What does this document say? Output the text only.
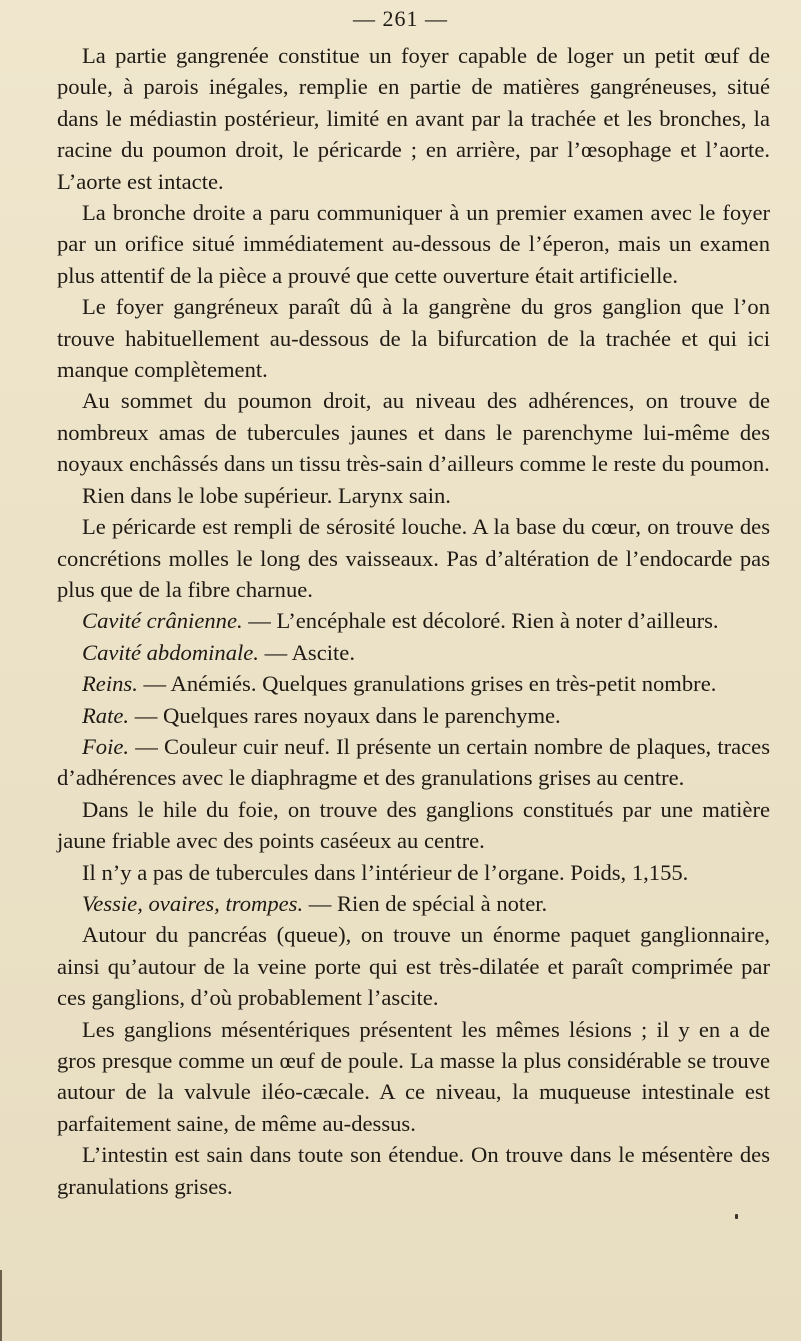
— 261 —

La partie gangrenée constitue un foyer capable de loger un petit œuf de poule, à parois inégales, remplie en partie de matières gangréneuses, situé dans le médiastin postérieur, limité en avant par la trachée et les bronches, la racine du poumon droit, le péricarde ; en arrière, par l’œsophage et l’aorte. L’aorte est intacte.

La bronche droite a paru communiquer à un premier examen avec le foyer par un orifice situé immédiatement au-dessous de l’éperon, mais un examen plus attentif de la pièce a prouvé que cette ouverture était artificielle.

Le foyer gangréneux paraît dû à la gangrène du gros ganglion que l’on trouve habituellement au-dessous de la bifurcation de la trachée et qui ici manque complètement.

Au sommet du poumon droit, au niveau des adhérences, on trouve de nombreux amas de tubercules jaunes et dans le parenchyme lui-même des noyaux enchâssés dans un tissu très-sain d’ailleurs comme le reste du poumon.

Rien dans le lobe supérieur. Larynx sain.

Le péricarde est rempli de sérosité louche. A la base du cœur, on trouve des concrétions molles le long des vaisseaux. Pas d’altération de l’endocarde pas plus que de la fibre charnue.

Cavité crânienne. — L’encéphale est décoloré. Rien à noter d’ailleurs.

Cavité abdominale. — Ascite.

Reins. — Anémiés. Quelques granulations grises en très-petit nombre.

Rate. — Quelques rares noyaux dans le parenchyme.

Foie. — Couleur cuir neuf. Il présente un certain nombre de plaques, traces d’adhérences avec le diaphragme et des granulations grises au centre.

Dans le hile du foie, on trouve des ganglions constitués par une matière jaune friable avec des points caséeux au centre.

Il n’y a pas de tubercules dans l’intérieur de l’organe. Poids, 1,155.

Vessie, ovaires, trompes. — Rien de spécial à noter.

Autour du pancréas (queue), on trouve un énorme paquet ganglionnaire, ainsi qu’autour de la veine porte qui est très-dilatée et paraît comprimée par ces ganglions, d’où probablement l’ascite.

Les ganglions mésentériques présentent les mêmes lésions ; il y en a de gros presque comme un œuf de poule. La masse la plus considérable se trouve autour de la valvule iléo-cæcale. A ce niveau, la muqueuse intestinale est parfaitement saine, de même au-dessus.

L’intestin est sain dans toute son étendue. On trouve dans le mésentère des granulations grises.
